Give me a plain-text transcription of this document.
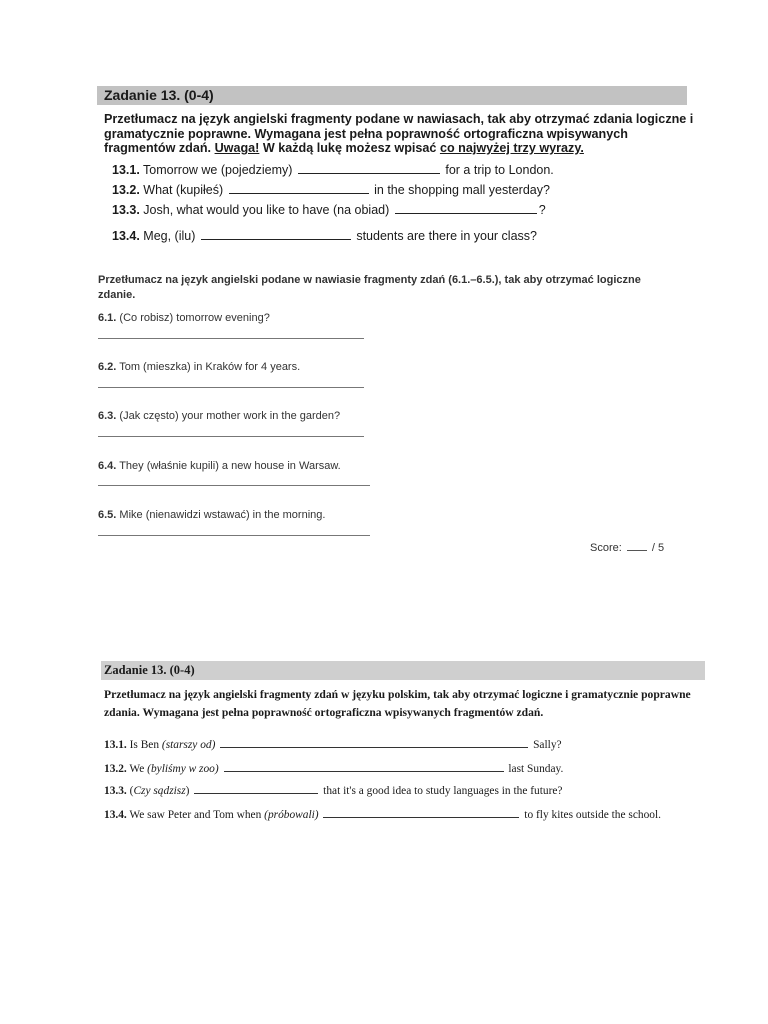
Zadanie 13. (0-4)
Przetłumacz na język angielski fragmenty podane w nawiasach, tak aby otrzymać zdania logiczne i gramatycznie poprawne. Wymagana jest pełna poprawność ortograficzna wpisywanych fragmentów zdań. Uwaga! W każdą lukę możesz wpisać co najwyżej trzy wyrazy.
13.1. Tomorrow we (pojedziemy)	for a trip to London.
13.2. What (kupiłeś)	in the shopping mall yesterday?
13.3. Josh, what would you like to have (na obiad)	?
13.4. Meg, (ilu)	students are there in your class?
Przetłumacz na język angielski podane w nawiasie fragmenty zdań (6.1.–6.5.), tak aby otrzymać logiczne zdanie.
6.1. (Co robisz) tomorrow evening?
6.2. Tom (mieszka) in Kraków for 4 years.
6.3. (Jak często) your mother work in the garden?
6.4. They (właśnie kupili) a new house in Warsaw.
6.5. Mike (nienawidzi wstawać) in the morning.
Score:	/ 5
Zadanie 13. (0-4)
Przetłumacz na język angielski fragmenty zdań w języku polskim, tak aby otrzymać logiczne i gramatycznie poprawne zdania. Wymagana jest pełna poprawność ortograficzna wpisywanych fragmentów zdań.
13.1. Is Ben (starszy od)	Sally?
13.2. We (byliśmy w zoo)	last Sunday.
13.3. (Czy sądzisz)	that it's a good idea to study languages in the future?
13.4. We saw Peter and Tom when (próbowali)	to fly kites outside the school.
